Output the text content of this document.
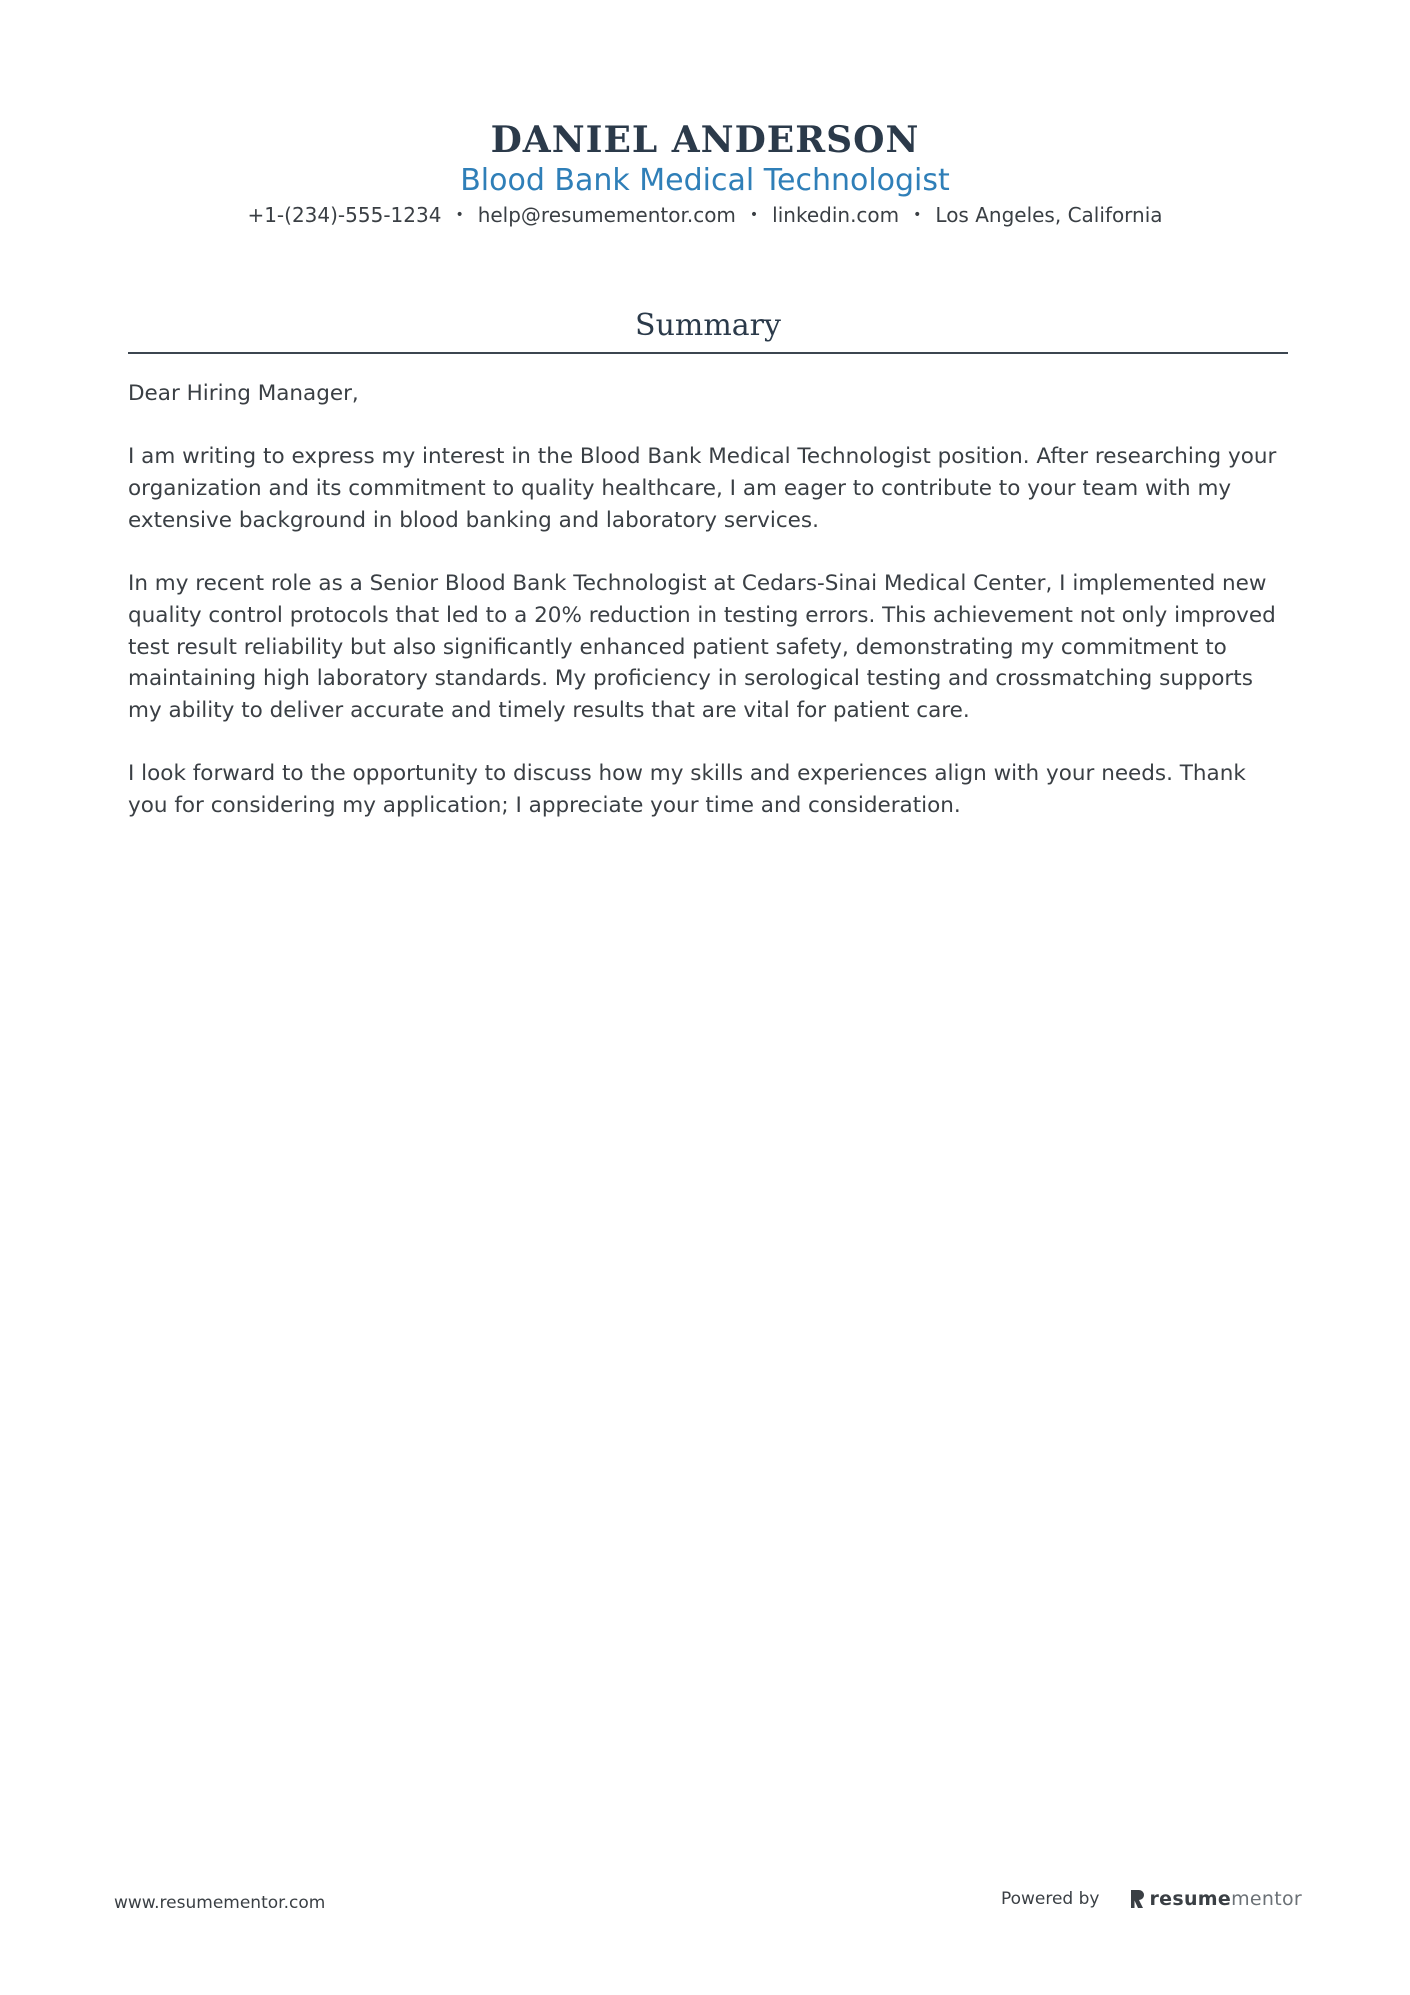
DANIEL ANDERSON
Blood Bank Medical Technologist
+1-(234)-555-1234 • help@resumementor.com • linkedin.com • Los Angeles, California
Summary

Dear Hiring Manager,

I am writing to express my interest in the Blood Bank Medical Technologist position. After researching your organization and its commitment to quality healthcare, I am eager to contribute to your team with my extensive background in blood banking and laboratory services.

In my recent role as a Senior Blood Bank Technologist at Cedars-Sinai Medical Center, I implemented new quality control protocols that led to a 20% reduction in testing errors. This achievement not only improved test result reliability but also significantly enhanced patient safety, demonstrating my commitment to maintaining high laboratory standards. My proficiency in serological testing and crossmatching supports my ability to deliver accurate and timely results that are vital for patient care.

I look forward to the opportunity to discuss how my skills and experiences align with your needs. Thank you for considering my application; I appreciate your time and consideration.

www.resumementor.com	Powered by	resumementor
